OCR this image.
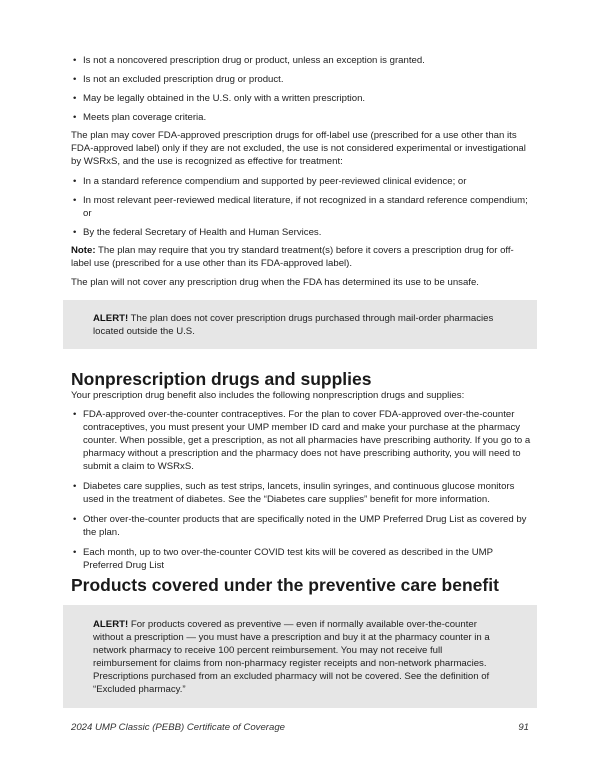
• Is not a noncovered prescription drug or product, unless an exception is granted.
• Is not an excluded prescription drug or product.
• May be legally obtained in the U.S. only with a written prescription.
• Meets plan coverage criteria.

The plan may cover FDA-approved prescription drugs for off-label use (prescribed for a use other than its FDA-approved label) only if they are not excluded, the use is not considered experimental or investigational by WSRxS, and the use is recognized as effective for treatment:

• In a standard reference compendium and supported by peer-reviewed clinical evidence; or
• In most relevant peer-reviewed medical literature, if not recognized in a standard reference compendium; or
• By the federal Secretary of Health and Human Services.

Note: The plan may require that you try standard treatment(s) before it covers a prescription drug for off-label use (prescribed for a use other than its FDA-approved label).

The plan will not cover any prescription drug when the FDA has determined its use to be unsafe.

ALERT! The plan does not cover prescription drugs purchased through mail-order pharmacies located outside the U.S.

Nonprescription drugs and supplies

Your prescription drug benefit also includes the following nonprescription drugs and supplies:

• FDA-approved over-the-counter contraceptives. For the plan to cover FDA-approved over-the-counter contraceptives, you must present your UMP member ID card and make your purchase at the pharmacy counter. When possible, get a prescription, as not all pharmacies have prescribing authority. If you go to a pharmacy without a prescription and the pharmacy does not have prescribing authority, you will need to submit a claim to WSRxS.
• Diabetes care supplies, such as test strips, lancets, insulin syringes, and continuous glucose monitors used in the treatment of diabetes. See the “Diabetes care supplies” benefit for more information.
• Other over-the-counter products that are specifically noted in the UMP Preferred Drug List as covered by the plan.
• Each month, up to two over-the-counter COVID test kits will be covered as described in the UMP Preferred Drug List
Products covered under the preventive care benefit

ALERT! For products covered as preventive — even if normally available over-the-counter without a prescription — you must have a prescription and buy it at the pharmacy counter in a network pharmacy to receive 100 percent reimbursement. You may not receive full reimbursement for claims from non-pharmacy register receipts and non-network pharmacies. Prescriptions purchased from an excluded pharmacy will not be covered. See the definition of “Excluded pharmacy.”

2024 UMP Classic (PEBB) Certificate of Coverage	91
